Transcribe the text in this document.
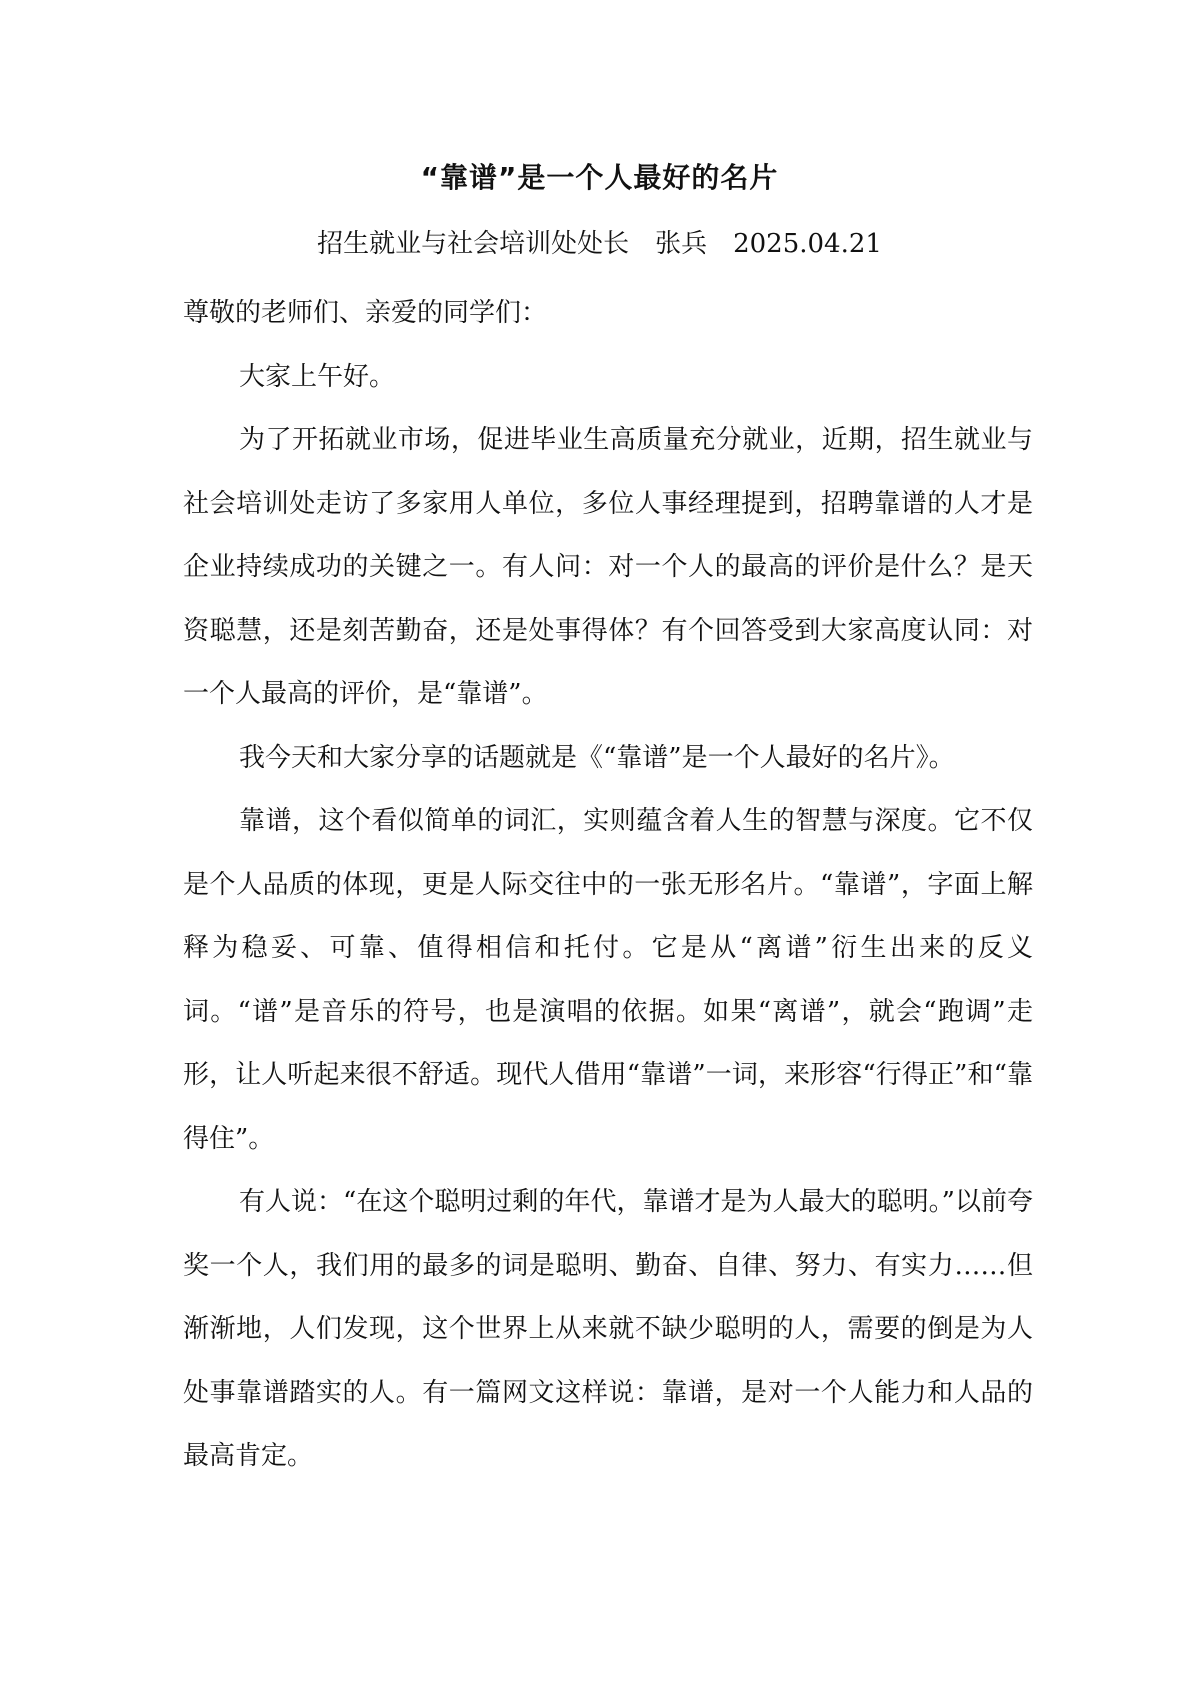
“靠谱”是一个人最好的名片
招生就业与社会培训处处长　张兵　2025.04.21

尊敬的老师们、亲爱的同学们：

大家上午好。

为了开拓就业市场，促进毕业生高质量充分就业，近期，招生就业与社会培训处走访了多家用人单位，多位人事经理提到，招聘靠谱的人才是企业持续成功的关键之一。有人问：对一个人的最高的评价是什么？是天资聪慧，还是刻苦勤奋，还是处事得体？有个回答受到大家高度认同：对一个人最高的评价，是“靠谱”。

我今天和大家分享的话题就是《“靠谱”是一个人最好的名片》。

靠谱，这个看似简单的词汇，实则蕴含着人生的智慧与深度。它不仅是个人品质的体现，更是人际交往中的一张无形名片。“靠谱”，字面上解释为稳妥、可靠、值得相信和托付。它是从“离谱”衍生出来的反义词。“谱”是音乐的符号，也是演唱的依据。如果“离谱”，就会“跑调”走形，让人听起来很不舒适。现代人借用“靠谱”一词，来形容“行得正”和“靠得住”。

有人说：“在这个聪明过剩的年代，靠谱才是为人最大的聪明。”以前夸奖一个人，我们用的最多的词是聪明、勤奋、自律、努力、有实力……但渐渐地，人们发现，这个世界上从来就不缺少聪明的人，需要的倒是为人处事靠谱踏实的人。有一篇网文这样说：靠谱，是对一个人能力和人品的最高肯定。
